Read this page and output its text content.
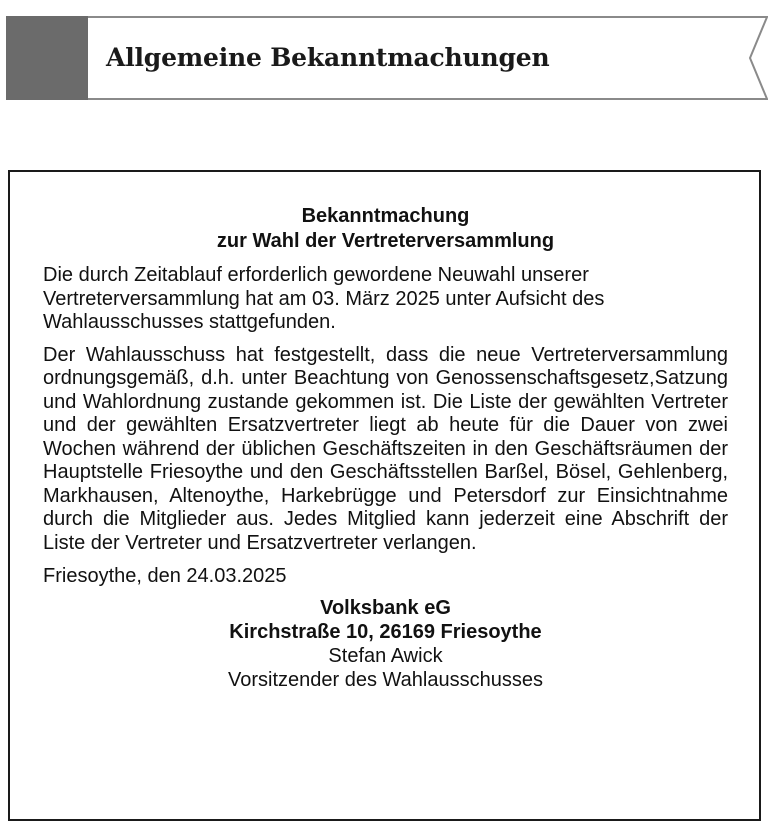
Allgemeine Bekanntmachungen
Bekanntmachung
zur Wahl der Vertreterversammlung

Die durch Zeitablauf erforderlich gewordene Neuwahl unserer Vertreterversammlung hat am 03. März 2025 unter Aufsicht des Wahlausschusses stattgefunden.

Der Wahlausschuss hat festgestellt, dass die neue Vertreterversammlung ordnungsgemäß, d.h. unter Beachtung von Genossenschaftsgesetz,Satzung und Wahlordnung zustande gekommen ist. Die Liste der gewählten Vertreter und der gewählten Ersatzvertreter liegt ab heute für die Dauer von zwei Wochen während der üblichen Geschäftszeiten in den Geschäftsräumen der Hauptstelle Friesoythe und den Geschäftsstellen Barßel, Bösel, Gehlenberg, Markhausen, Altenoythe, Harkebrügge und Petersdorf zur Einsichtnahme durch die Mitglieder aus. Jedes Mitglied kann jederzeit eine Abschrift der Liste der Vertreter und Ersatzvertreter verlangen.

Friesoythe, den 24.03.2025

Volksbank eG
Kirchstraße 10, 26169 Friesoythe
Stefan Awick
Vorsitzender des Wahlausschusses
